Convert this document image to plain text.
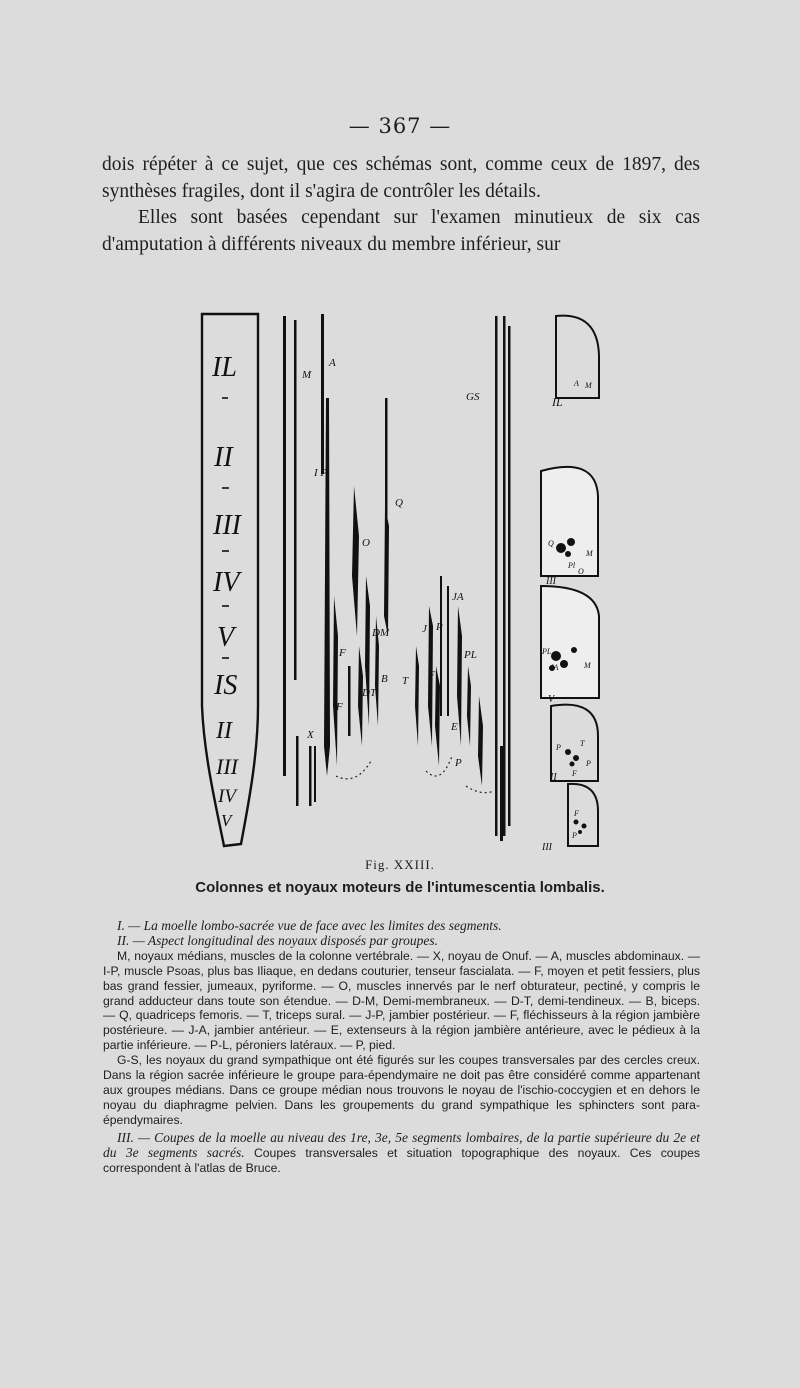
— 367 —

dois répéter à ce sujet, que ces schémas sont, comme ceux de 1897, des synthèses fragiles, dont il s'agira de contrôler les détails.

Elles sont basées cependant sur l'examen minutieux de six cas d'amputation à différents niveaux du membre inférieur, sur

IL
II
III
IV
V
IS
II
III
IV
V
M
A
I P
Q
O
DM
F
B
DT
F
X
GS
JA
J P
PL
T F
E
P
IL
III
V
II
III
A M
Q
Pl
M
O
PL
JA	M
P T
P
F
F
P
Fig. XXIII.
Colonnes et noyaux moteurs de l'intumescentia lombalis.

I. — La moelle lombo-sacrée vue de face avec les limites des segments.

II. — Aspect longitudinal des noyaux disposés par groupes.

M, noyaux médians, muscles de la colonne vertébrale. — X, noyau de Onuf. — A, muscles abdominaux. — I-P, muscle Psoas, plus bas Iliaque, en dedans couturier, tenseur fascialata. — F, moyen et petit fessiers, plus bas grand fessier, jumeaux, pyriforme. — O, muscles innervés par le nerf obturateur, pectiné, y compris le grand adducteur dans toute son étendue. — D-M, Demi-membraneux. — D-T, demi-tendineux. — B, biceps. — Q, quadriceps femoris. — T, triceps sural. — J-P, jambier postérieur. — F, fléchisseurs à la région jambière postérieure. — J-A, jambier antérieur. — E, extenseurs à la région jambière antérieure, avec le pédieux à la partie inférieure. — P-L, péroniers latéraux. — P, pied.

G-S, les noyaux du grand sympathique ont été figurés sur les coupes transversales par des cercles creux. Dans la région sacrée inférieure le groupe para-épendymaire ne doit pas être considéré comme appartenant aux groupes médians. Dans ce groupe médian nous trouvons le noyau de l'ischio-coccygien et en dehors le noyau du diaphragme pelvien. Dans les groupements du grand sympathique les sphincters sont para-épendymaires.

III. — Coupes de la moelle au niveau des 1re, 3e, 5e segments lombaires, de la partie supérieure du 2e et du 3e segments sacrés. Coupes transversales et situation topographique des noyaux. Ces coupes correspondent à l'atlas de Bruce.
